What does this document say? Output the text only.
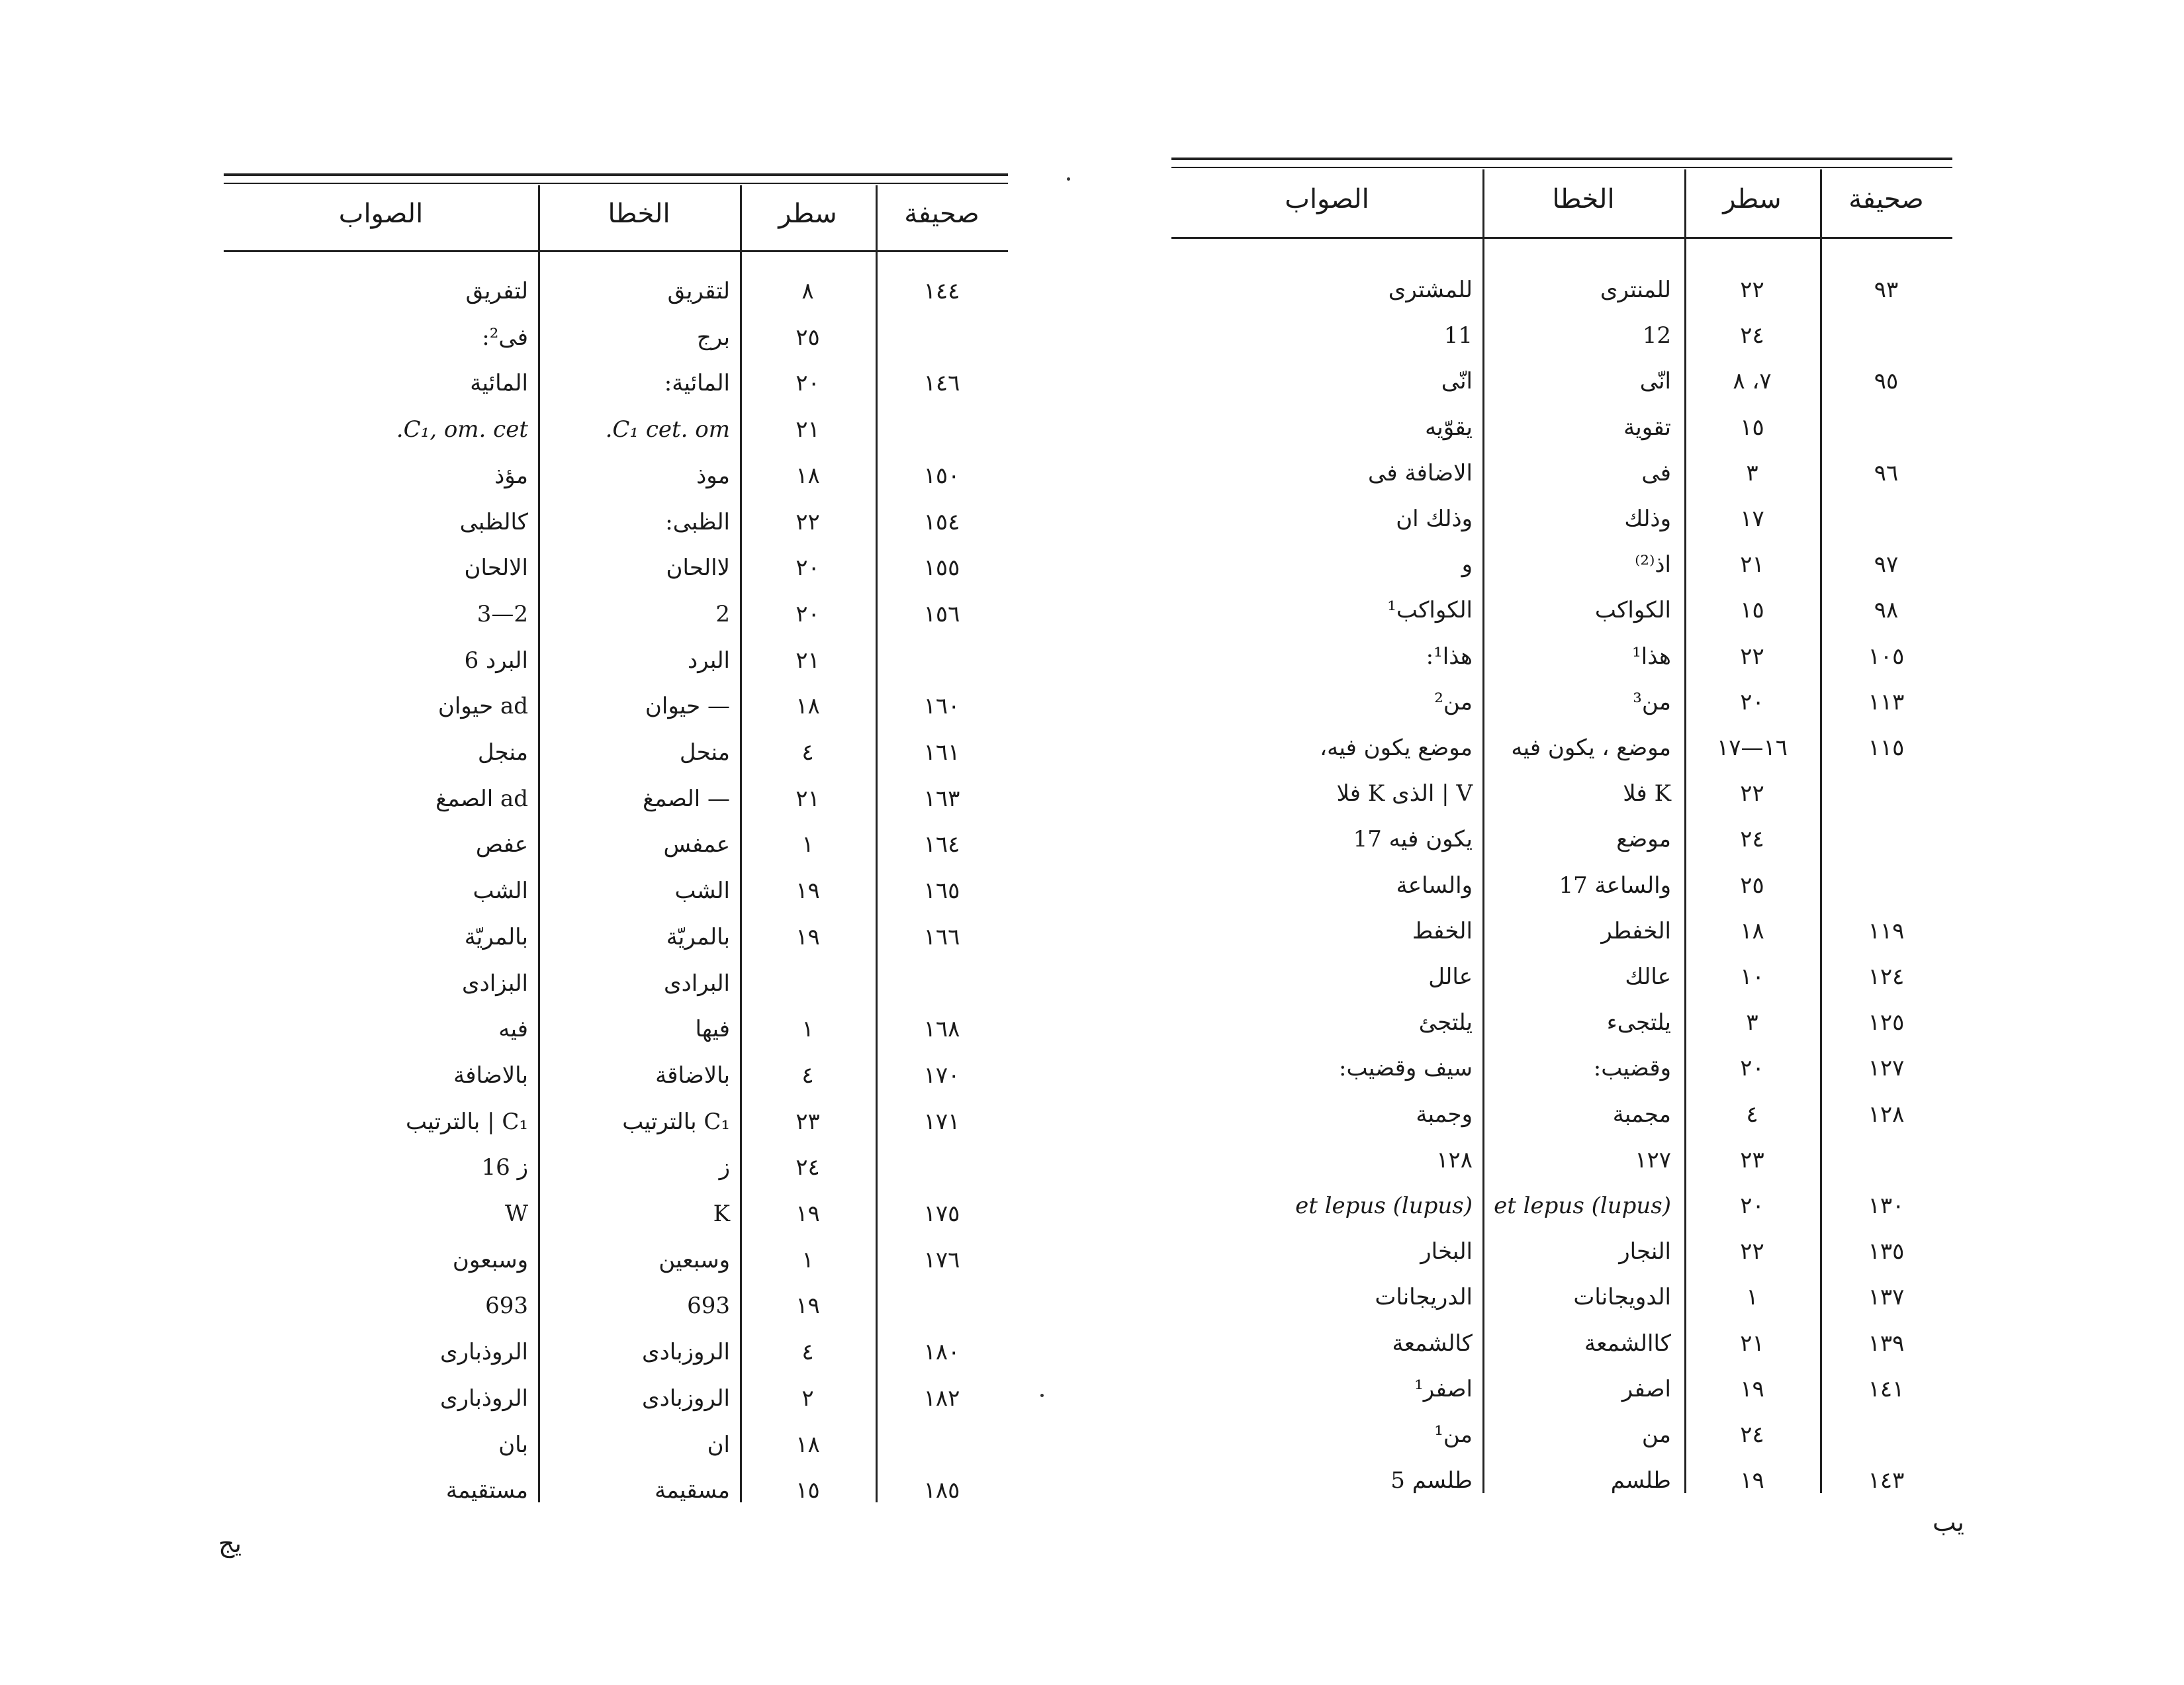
صحيفة
سطر
الخطا
الصواب
٩٣
٢٢
للمنترى
للمشترى
٢٤
12
11
٩٥
٧، ٨
انّى
انّى
١٥
تقوية
يقوّيه
٩٦
٣
فى
الاضافة فى
١٧
وذلك
وذلك ان
٩٧
٢١
اذ⁽²⁾
و
٩٨
١٥
الكواكب
الكواكب¹
١٠٥
٢٢
هذا¹
هذا¹:
١١٣
٢٠
من³
من²
١١٥
١٦—١٧
موضع ، يكون فيه
موضع يكون فيه،
٢٢
K فلا
V | الذى K فلا
٢٤
موضع
يكون فيه 17
٢٥
والساعة 17
والساعة
١١٩
١٨
الخفطر
الخفط
١٢٤
١٠
عالك
عالل
١٢٥
٣
يلتجىء
يلتجئ
١٢٧
٢٠
وقضيب:
سيف وقضيب:
١٢٨
٤
مجمبة
وجمبة
٢٣
١٢٧
١٢٨
١٣٠
٢٠
et lepus (lupus)
et lepus (lupus)
١٣٥
٢٢
النجار
البخار
١٣٧
١
الدويجانات
الدريجانات
١٣٩
٢١
كاالشمعة
كالشمعة
١٤١
١٩
اصفر
اصفر¹
٢٤
من
من¹
١٤٣
١٩
طلسم
طلسم 5
صحيفة
سطر
الخطا
الصواب
١٤٤
٨
لتقريق
لتفريق
٢٥
برج
فى²:
١٤٦
٢٠
المائية:
المائية
٢١
C₁ cet. om.
C₁, om. cet.
١٥٠
١٨
موذ
مؤذ
١٥٤
٢٢
الظبى:
كالظبى
١٥٥
٢٠
لاالحان
الالحان
١٥٦
٢٠
2
2—3
٢١
البرد
البرد 6
١٦٠
١٨
— حيوان
ad حيوان
١٦١
٤
منحل
منجل
١٦٣
٢١
— الصمغ
ad الصمغ
١٦٤
١
عمفس
عفص
١٦٥
١٩
الشب
الشب
١٦٦
١٩
بالمريّة
بالمريّة
البرادى
البزادى
١٦٨
١
فيها
فيه
١٧٠
٤
بالاضاقة
بالاضافة
١٧١
٢٣
C₁ بالترتيب
C₁ | بالترتيب
٢٤
ز
ز 16
١٧٥
١٩
K
W
١٧٦
١
وسبعين
وسبعون
١٩
693
693
١٨٠
٤
الروزبادى
الروذبارى
١٨٢
٢
الروزبادى
الروذبارى
١٨
ان
بان
١٨٥
١٥
مسقيمة
مستقيمة
يب
يج
